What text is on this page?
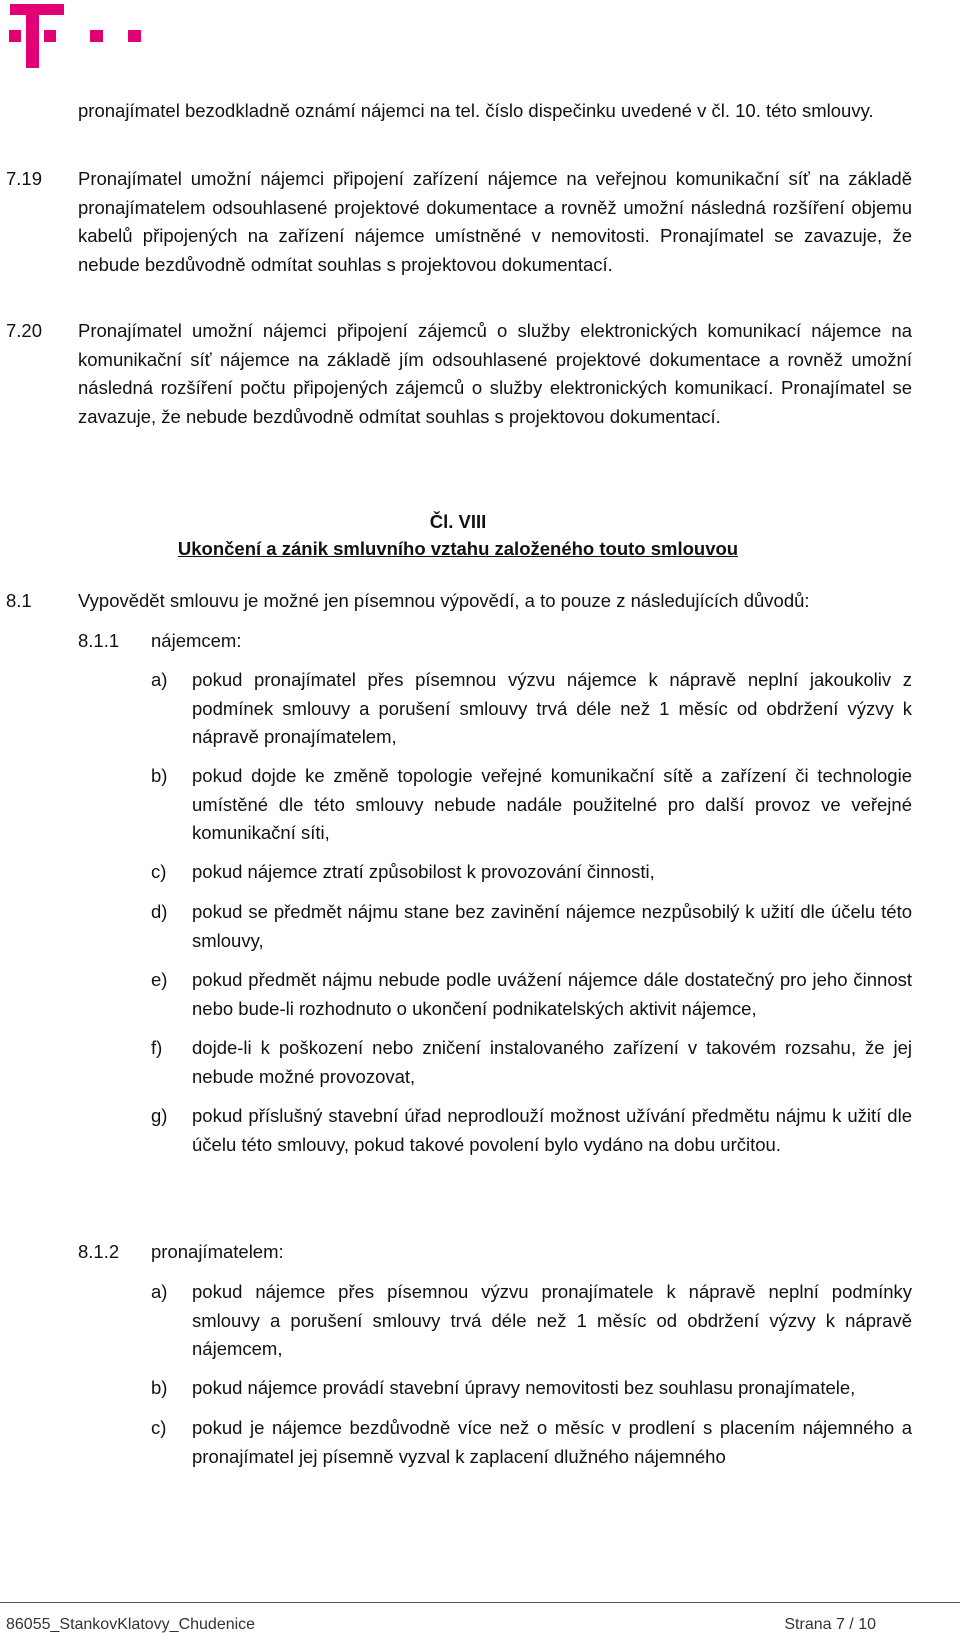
pronajímatel bezodkladně oznámí nájemci na tel. číslo dispečinku uvedené v čl. 10. této smlouvy.
7.19 Pronajímatel umožní nájemci připojení zařízení nájemce na veřejnou komunikační síť na základě pronajímatelem odsouhlasené projektové dokumentace a rovněž umožní následná rozšíření objemu kabelů připojených na zařízení nájemce umístněné v nemovitosti. Pronajímatel se zavazuje, že nebude bezdůvodně odmítat souhlas s projektovou dokumentací.
7.20 Pronajímatel umožní nájemci připojení zájemců o služby elektronických komunikací nájemce na komunikační síť nájemce na základě jím odsouhlasené projektové dokumentace a rovněž umožní následná rozšíření počtu připojených zájemců o služby elektronických komunikací. Pronajímatel se zavazuje, že nebude bezdůvodně odmítat souhlas s projektovou dokumentací.
Čl. VIII
Ukončení a zánik smluvního vztahu založeného touto smlouvou
8.1	Vypovědět smlouvu je možné jen písemnou výpovědí, a to pouze z následujících důvodů:
8.1.1 nájemcem:
a) pokud pronajímatel přes písemnou výzvu nájemce k nápravě neplní jakoukoliv z podmínek smlouvy a porušení smlouvy trvá déle než 1 měsíc od obdržení výzvy k nápravě pronajímatelem,
b) pokud dojde ke změně topologie veřejné komunikační sítě a zařízení či technologie umístěné dle této smlouvy nebude nadále použitelné pro další provoz ve veřejné komunikační síti,
c) pokud nájemce ztratí způsobilost k provozování činnosti,
d) pokud se předmět nájmu stane bez zavinění nájemce nezpůsobilý k užití dle účelu této smlouvy,
e) pokud předmět nájmu nebude podle uvážení nájemce dále dostatečný pro jeho činnost nebo bude-li rozhodnuto o ukončení podnikatelských aktivit nájemce,
f) dojde-li k poškození nebo zničení instalovaného zařízení v takovém rozsahu, že jej nebude možné provozovat,
g) pokud příslušný stavební úřad neprodlouží možnost užívání předmětu nájmu k užití dle účelu této smlouvy, pokud takové povolení bylo vydáno na dobu určitou.
8.1.2 pronajímatelem:
a) pokud nájemce přes písemnou výzvu pronajímatele k nápravě neplní podmínky smlouvy a porušení smlouvy trvá déle než 1 měsíc od obdržení výzvy k nápravě nájemcem,
b) pokud nájemce provádí stavební úpravy nemovitosti bez souhlasu pronajímatele,
c) pokud je nájemce bezdůvodně více než o měsíc v prodlení s placením nájemného a pronajímatel jej písemně vyzval k zaplacení dlužného nájemného
86055_StankovKlatovy_Chudenice	Strana 7 / 10
